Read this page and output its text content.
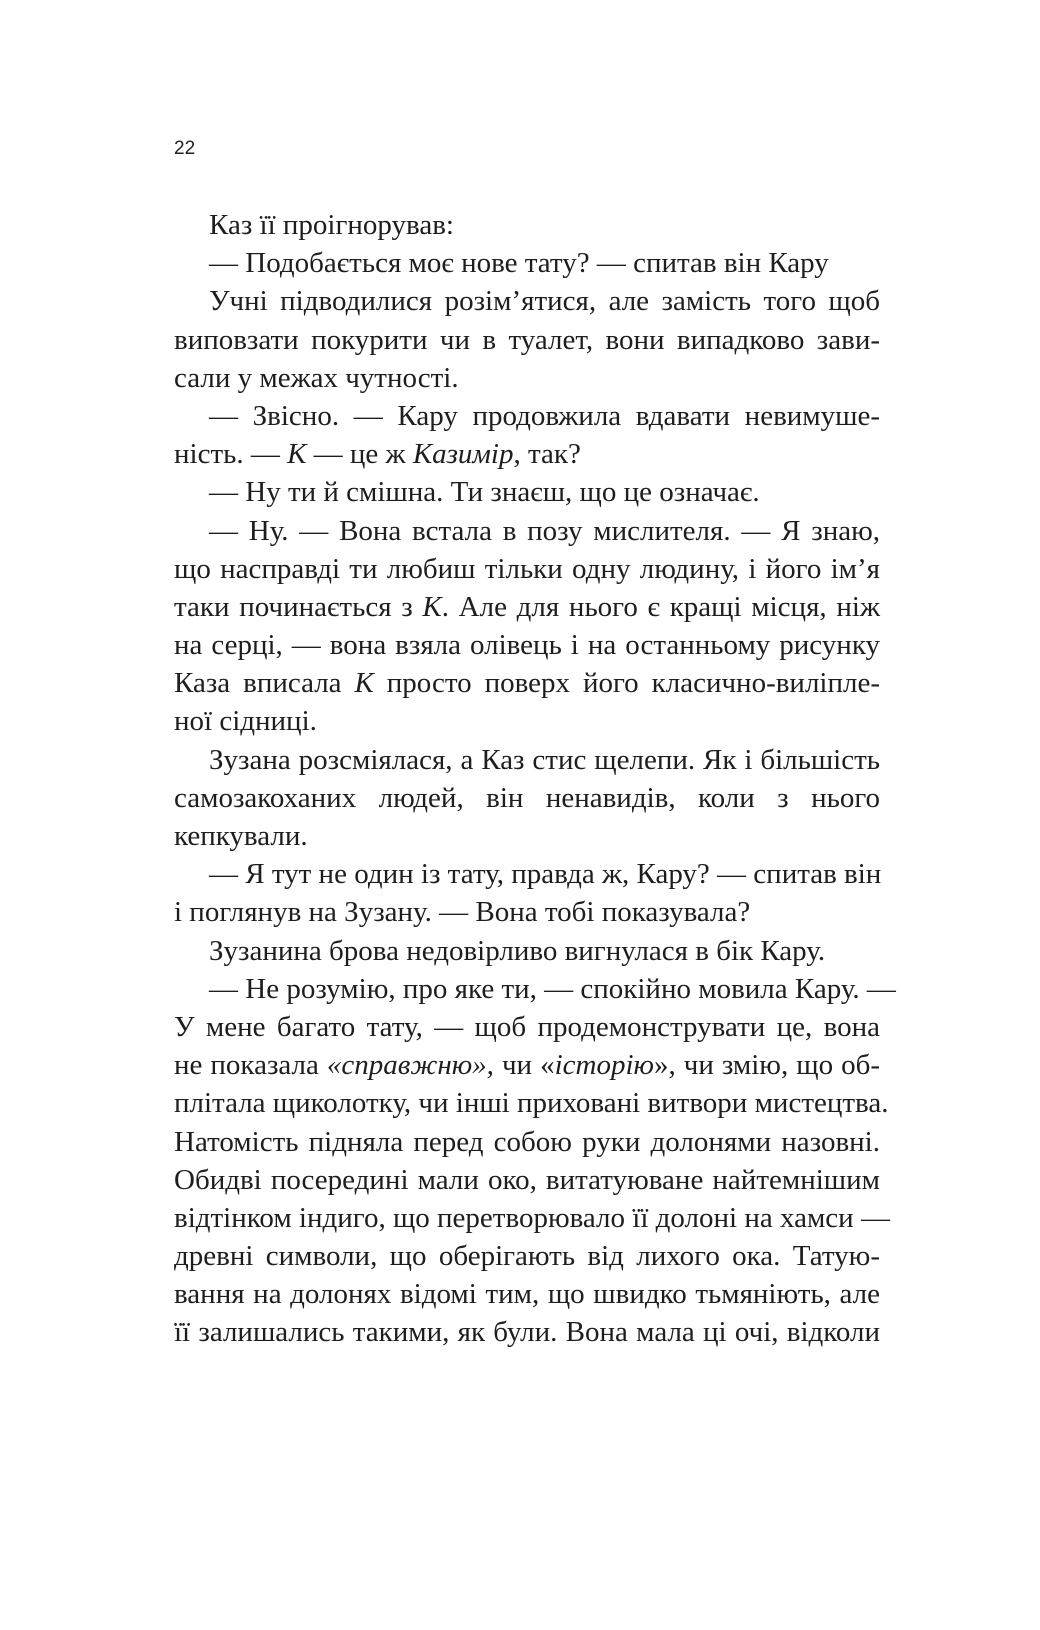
22
Каз її проігнорував:
— Подобається моє нове тату? — спитав він Кару
Учні підводилися розім’ятися, але замість того щоб
виповзати покурити чи в туалет, вони випадково зави-
сали у межах чутності.
— Звісно. — Кару продовжила вдавати невимуше-
ність. — К — це ж Казимір, так?
— Ну ти й смішна. Ти знаєш, що це означає.
— Ну. — Вона встала в позу мислителя. — Я знаю,
що насправді ти любиш тільки одну людину, і його ім’я
таки починається з К. Але для нього є кращі місця, ніж
на серці, — вона взяла олівець і на останньому рисунку
Каза вписала К просто поверх його класично-виліпле-
ної сідниці.
Зузана розсміялася, а Каз стис щелепи. Як і більшість
самозакоханих людей, він ненавидів, коли з нього
кепкували.
— Я тут не один із тату, правда ж, Кару? — спитав він
і поглянув на Зузану. — Вона тобі показувала?
Зузанина брова недовірливо вигнулася в бік Кару.
— Не розумію, про яке ти, — спокійно мовила Кару. —
У мене багато тату, — щоб продемонструвати це, вона
не показала «справжню», чи «історію», чи змію, що об-
плітала щиколотку, чи інші приховані витвори мистецтва.
Натомість підняла перед собою руки долонями назовні.
Обидві посередині мали око, витатуюване найтемнішим
відтінком індиго, що перетворювало її долоні на хамси —
древні символи, що оберігають від лихого ока. Татую-
вання на долонях відомі тим, що швидко тьмяніють, але
її залишались такими, як були. Вона мала ці очі, відколи
